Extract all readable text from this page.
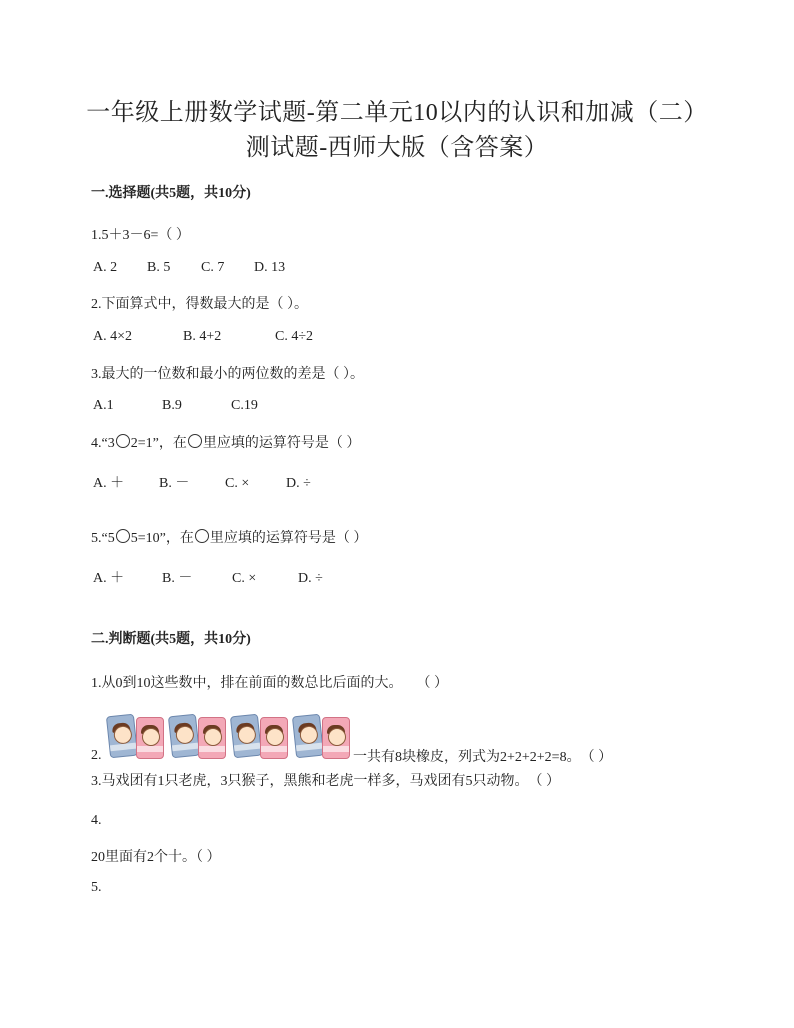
一年级上册数学试题-第二单元10以内的认识和加减（二）
测试题-西师大版（含答案）
一.选择题(共5题，共10分)
1.5＋3－6=（ ）
A. 2 B. 5 C. 7 D. 13
2.下面算式中，得数最大的是（ ）。
A. 4×2	B. 4+2	C. 4÷2
3.最大的一位数和最小的两位数的差是（ ）。
A.1	B.9	C.19
4.“3 2=1”，在 里应填的运算符号是（ ）
A. ＋ B. －	C. ×	D. ÷
5.“5 5=10”，在 里应填的运算符号是（ ）
A. ＋	B. －	C. ×	D. ÷
二.判断题(共5题，共10分)
1.从0到10这些数中，排在前面的数总比后面的大。　　（ ）
2.	一共有8块橡皮，列式为2+2+2+2=8。　（ ）
3.马戏团有1只老虎，3只猴子，黑熊和老虎一样多，马戏团有5只动物。　（ ）
4.
20里面有2个十。（ ）
5.
